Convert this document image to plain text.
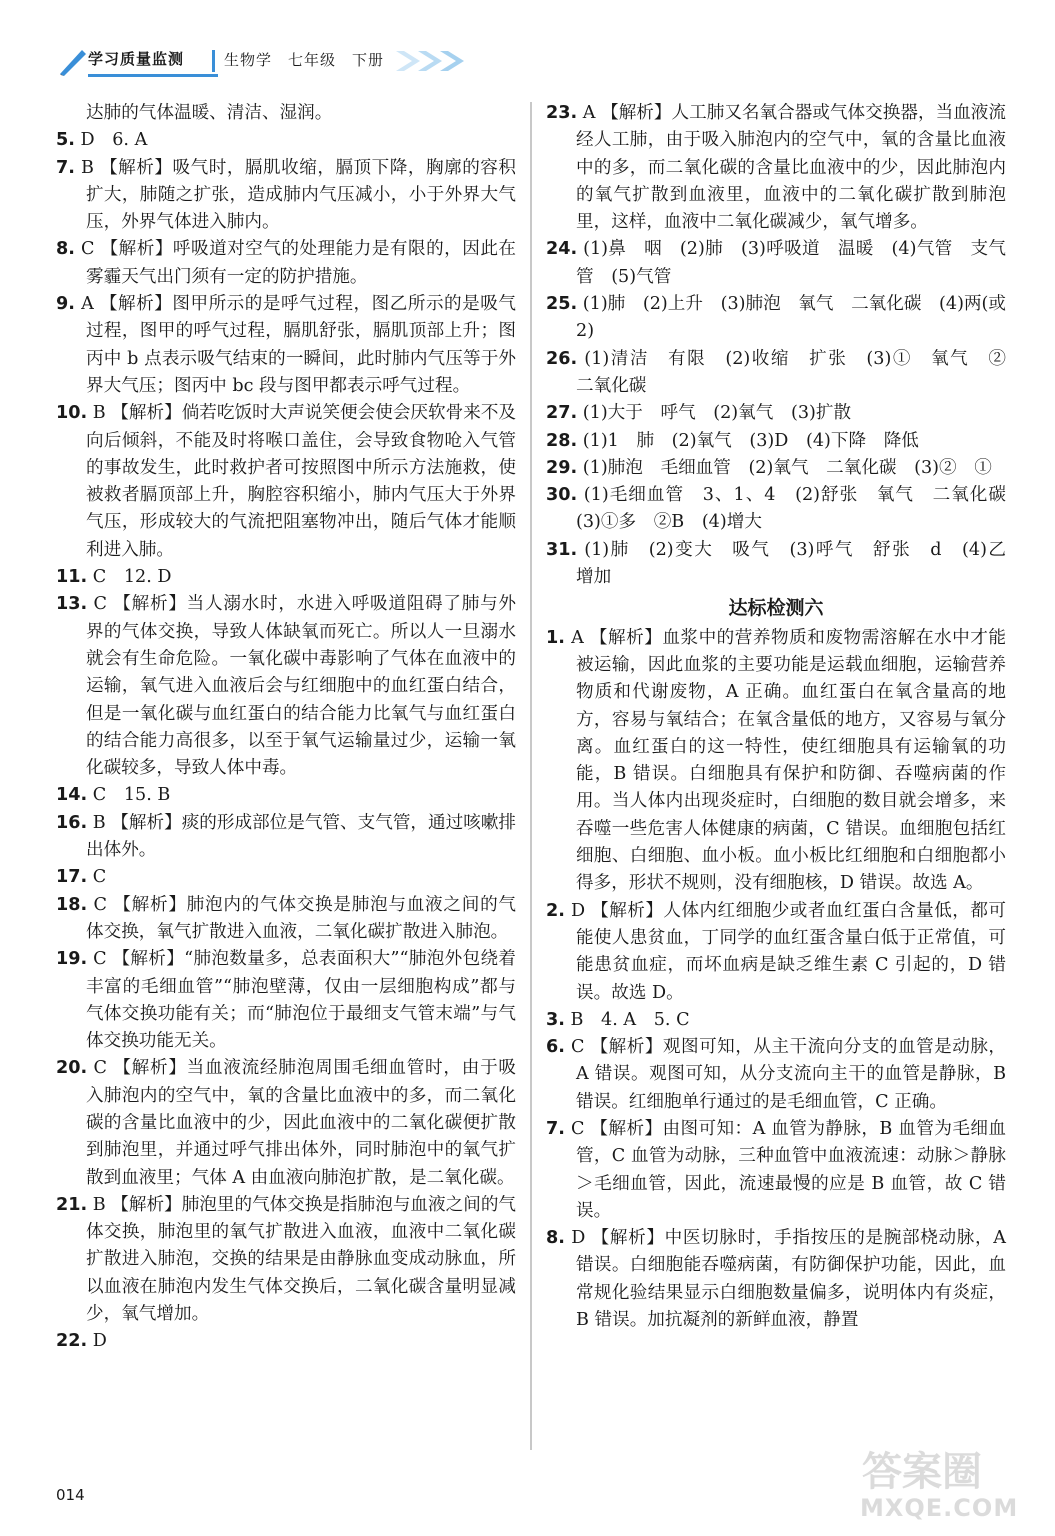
学习质量监测	生物学　七年级　下册
达肺的气体温暖、清洁、湿润。
5. D　6. A
7. B 【解析】吸气时，膈肌收缩，膈顶下降，胸廓的容积扩大，肺随之扩张，造成肺内气压减小，小于外界大气压，外界气体进入肺内。
8. C 【解析】呼吸道对空气的处理能力是有限的，因此在雾霾天气出门须有一定的防护措施。
9. A 【解析】图甲所示的是呼气过程，图乙所示的是吸气过程，图甲的呼气过程，膈肌舒张，膈肌顶部上升；图丙中 b 点表示吸气结束的一瞬间，此时肺内气压等于外界大气压；图丙中 bc 段与图甲都表示呼气过程。
10. B 【解析】倘若吃饭时大声说笑便会使会厌软骨来不及向后倾斜，不能及时将喉口盖住，会导致食物呛入气管的事故发生，此时救护者可按照图中所示方法施救，使被救者膈顶部上升，胸腔容积缩小，肺内气压大于外界气压，形成较大的气流把阻塞物冲出，随后气体才能顺利进入肺。
11. C　12. D
13. C 【解析】当人溺水时，水进入呼吸道阻碍了肺与外界的气体交换，导致人体缺氧而死亡。所以人一旦溺水就会有生命危险。一氧化碳中毒影响了气体在血液中的运输，氧气进入血液后会与红细胞中的血红蛋白结合，但是一氧化碳与血红蛋白的结合能力比氧气与血红蛋白的结合能力高很多，以至于氧气运输量过少，运输一氧化碳较多，导致人体中毒。
14. C　15. B
16. B 【解析】痰的形成部位是气管、支气管，通过咳嗽排出体外。
17. C
18. C 【解析】肺泡内的气体交换是肺泡与血液之间的气体交换，氧气扩散进入血液，二氧化碳扩散进入肺泡。
19. C 【解析】“肺泡数量多，总表面积大”“肺泡外包绕着丰富的毛细血管”“肺泡壁薄，仅由一层细胞构成”都与气体交换功能有关；而“肺泡位于最细支气管末端”与气体交换功能无关。
20. C 【解析】当血液流经肺泡周围毛细血管时，由于吸入肺泡内的空气中，氧的含量比血液中的多，而二氧化碳的含量比血液中的少，因此血液中的二氧化碳便扩散到肺泡里，并通过呼气排出体外，同时肺泡中的氧气扩散到血液里；气体 A 由血液向肺泡扩散，是二氧化碳。
21. B 【解析】肺泡里的气体交换是指肺泡与血液之间的气体交换，肺泡里的氧气扩散进入血液，血液中二氧化碳扩散进入肺泡，交换的结果是由静脉血变成动脉血，所以血液在肺泡内发生气体交换后，二氧化碳含量明显减少，氧气增加。
22. D
23. A 【解析】人工肺又名氧合器或气体交换器，当血液流经人工肺，由于吸入肺泡内的空气中，氧的含量比血液中的多，而二氧化碳的含量比血液中的少，因此肺泡内的氧气扩散到血液里，血液中的二氧化碳扩散到肺泡里，这样，血液中二氧化碳减少，氧气增多。
24. (1)鼻　咽　(2)肺　(3)呼吸道　温暖　(4)气管　支气管　(5)气管
25. (1)肺　(2)上升　(3)肺泡　氧气　二氧化碳　(4)两(或 2)
26. (1)清洁　有限　(2)收缩　扩张　(3)①　氧气　②　二氧化碳
27. (1)大于　呼气　(2)氧气　(3)扩散
28. (1)1　肺　(2)氧气　(3)D　(4)下降　降低
29. (1)肺泡　毛细血管　(2)氧气　二氧化碳　(3)②　①
30. (1)毛细血管　3、1、4　(2)舒张　氧气　二氧化碳　(3)①多　②B　(4)增大
31. (1)肺　(2)变大　吸气　(3)呼气　舒张　d　(4)乙　增加
达标检测六
1. A 【解析】血浆中的营养物质和废物需溶解在水中才能被运输，因此血浆的主要功能是运载血细胞，运输营养物质和代谢废物，A 正确。血红蛋白在氧含量高的地方，容易与氧结合；在氧含量低的地方，又容易与氧分离。血红蛋白的这一特性，使红细胞具有运输氧的功能，B 错误。白细胞具有保护和防御、吞噬病菌的作用。当人体内出现炎症时，白细胞的数目就会增多，来吞噬一些危害人体健康的病菌，C 错误。血细胞包括红细胞、白细胞、血小板。血小板比红细胞和白细胞都小得多，形状不规则，没有细胞核，D 错误。故选 A。
2. D 【解析】人体内红细胞少或者血红蛋白含量低，都可能使人患贫血，丁同学的血红蛋含量白低于正常值，可能患贫血症，而坏血病是缺乏维生素 C 引起的，D 错误。故选 D。
3. B　4. A　5. C
6. C 【解析】观图可知，从主干流向分支的血管是动脉，A 错误。观图可知，从分支流向主干的血管是静脉，B 错误。红细胞单行通过的是毛细血管，C 正确。
7. C 【解析】由图可知：A 血管为静脉，B 血管为毛细血管，C 血管为动脉，三种血管中血液流速：动脉＞静脉＞毛细血管，因此，流速最慢的应是 B 血管，故 C 错误。
8. D 【解析】中医切脉时，手指按压的是腕部桡动脉，A 错误。白细胞能吞噬病菌，有防御保护功能，因此，血常规化验结果显示白细胞数量偏多，说明体内有炎症，B 错误。加抗凝剂的新鲜血液，静置
014	答案圈
MXQE.COM
